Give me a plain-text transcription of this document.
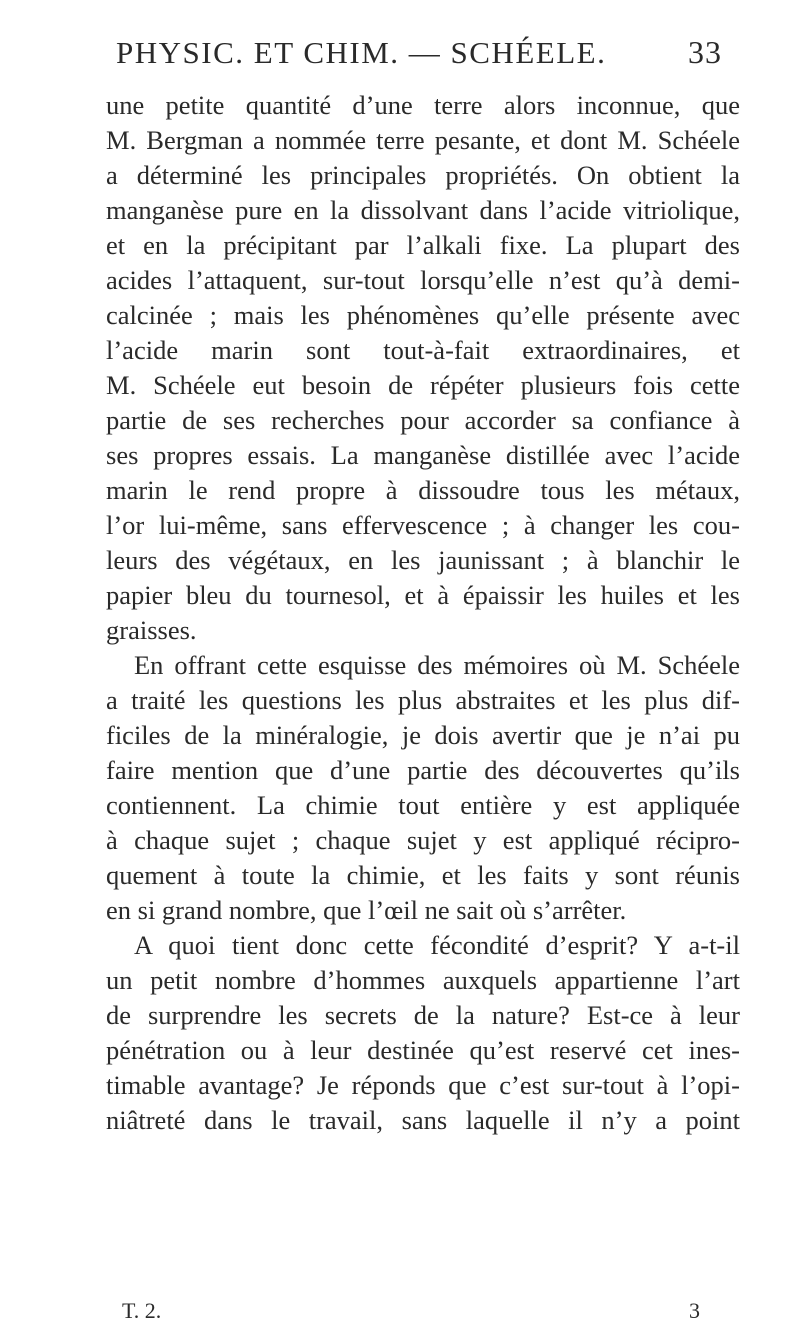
PHYSIC. ET CHIM. — SCHÉELE.	33

une petite quantité d’une terre alors inconnue, que
M. Bergman a nommée terre pesante, et dont M. Schéele
a déterminé les principales propriétés. On obtient la
manganèse pure en la dissolvant dans l’acide vitriolique,
et en la précipitant par l’alkali fixe. La plupart des
acides l’attaquent, sur-tout lorsqu’elle n’est qu’à demi-
calcinée ; mais les phénomènes qu’elle présente avec
l’acide marin sont tout-à-fait extraordinaires, et
M. Schéele eut besoin de répéter plusieurs fois cette
partie de ses recherches pour accorder sa confiance à
ses propres essais. La manganèse distillée avec l’acide
marin le rend propre à dissoudre tous les métaux,
l’or lui-même, sans effervescence ; à changer les cou-
leurs des végétaux, en les jaunissant ; à blanchir le
papier bleu du tournesol, et à épaissir les huiles et les
graisses.

En offrant cette esquisse des mémoires où M. Schéele
a traité les questions les plus abstraites et les plus dif-
ficiles de la minéralogie, je dois avertir que je n’ai pu
faire mention que d’une partie des découvertes qu’ils
contiennent. La chimie tout entière y est appliquée
à chaque sujet ; chaque sujet y est appliqué récipro-
quement à toute la chimie, et les faits y sont réunis
en si grand nombre, que l’œil ne sait où s’arrêter.

A quoi tient donc cette fécondité d’esprit? Y a-t-il
un petit nombre d’hommes auxquels appartienne l’art
de surprendre les secrets de la nature? Est-ce à leur
pénétration ou à leur destinée qu’est reservé cet ines-
timable avantage? Je réponds que c’est sur-tout à l’opi-
niâtreté dans le travail, sans laquelle il n’y a point

T. 2.	3
